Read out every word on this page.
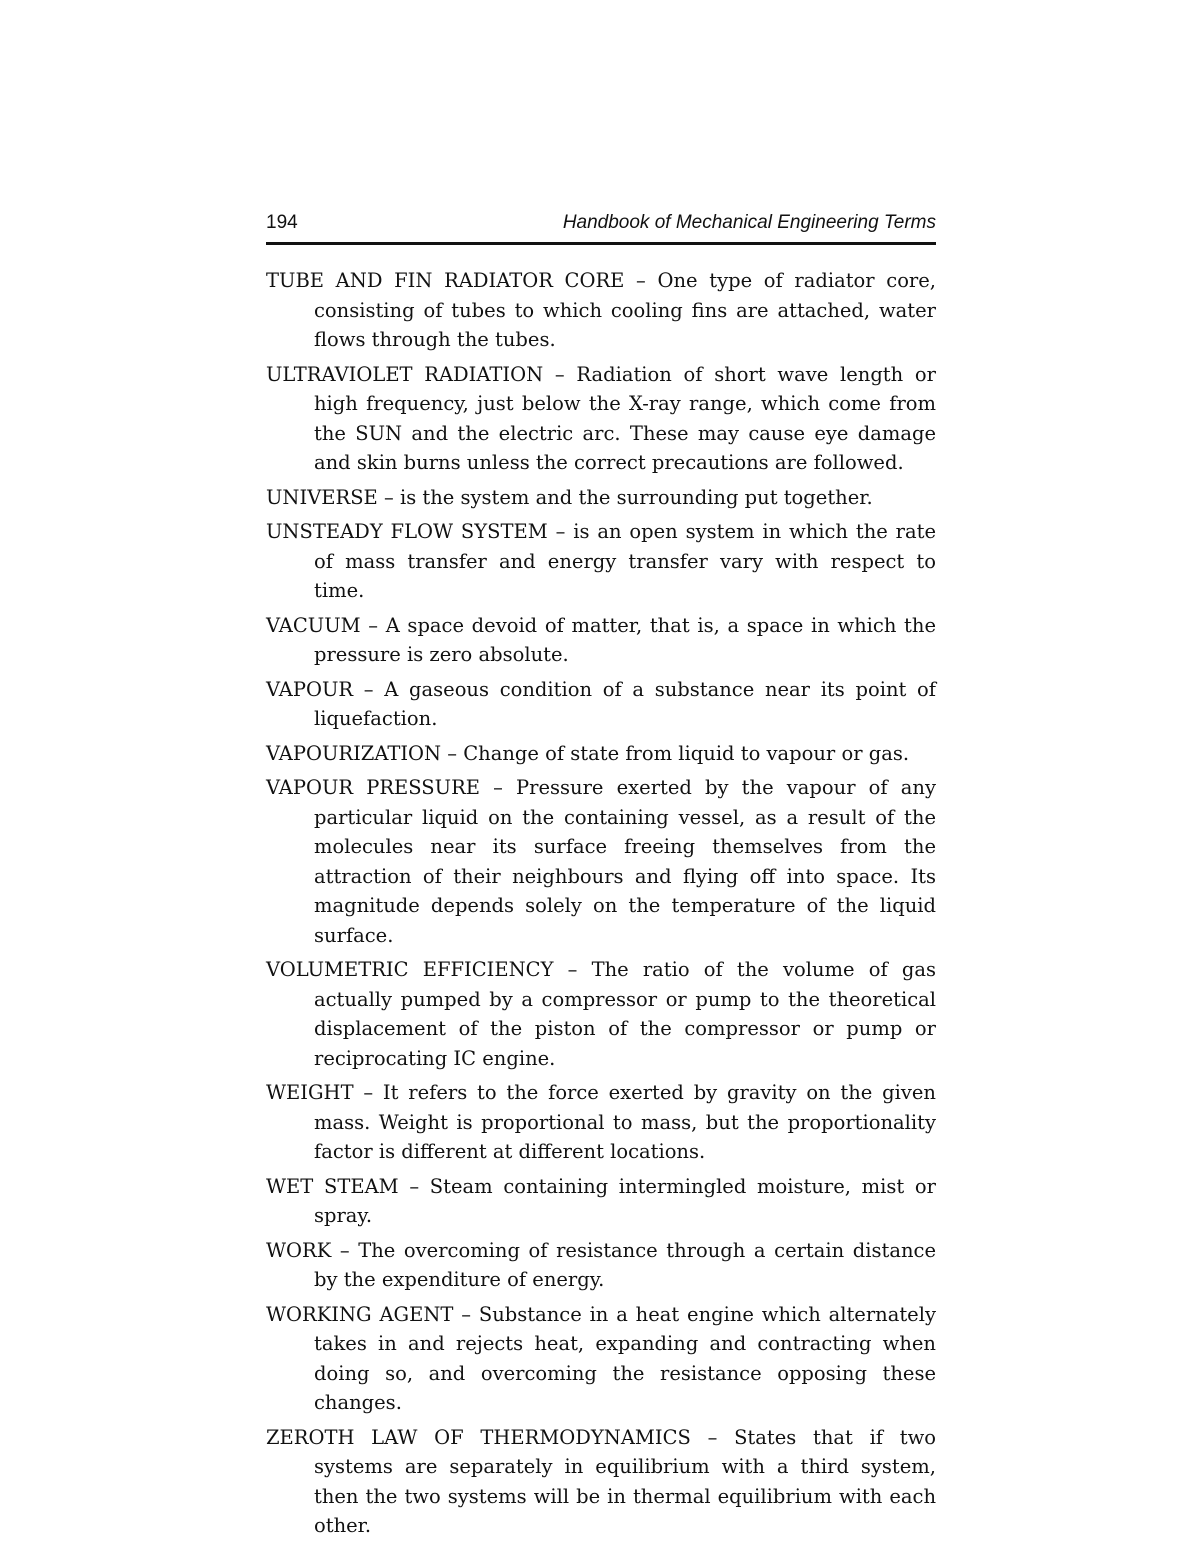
194	Handbook of Mechanical Engineering Terms
TUBE AND FIN RADIATOR CORE – One type of radiator core, consisting of tubes to which cooling fins are attached, water flows through the tubes.
ULTRAVIOLET RADIATION – Radiation of short wave length or high frequency, just below the X-ray range, which come from the SUN and the electric arc. These may cause eye damage and skin burns unless the correct precautions are followed.
UNIVERSE – is the system and the surrounding put together.
UNSTEADY FLOW SYSTEM – is an open system in which the rate of mass transfer and energy transfer vary with respect to time.
VACUUM – A space devoid of matter, that is, a space in which the pressure is zero absolute.
VAPOUR – A gaseous condition of a substance near its point of liquefaction.
VAPOURIZATION – Change of state from liquid to vapour or gas.
VAPOUR PRESSURE – Pressure exerted by the vapour of any particular liquid on the containing vessel, as a result of the molecules near its surface freeing themselves from the attraction of their neighbours and flying off into space. Its magnitude depends solely on the temperature of the liquid surface.
VOLUMETRIC EFFICIENCY – The ratio of the volume of gas actually pumped by a compressor or pump to the theoretical displacement of the piston of the compressor or pump or reciprocating IC engine.
WEIGHT – It refers to the force exerted by gravity on the given mass. Weight is proportional to mass, but the proportionality factor is different at different locations.
WET STEAM – Steam containing intermingled moisture, mist or spray.
WORK – The overcoming of resistance through a certain distance by the expenditure of energy.
WORKING AGENT – Substance in a heat engine which alternately takes in and rejects heat, expanding and contracting when doing so, and overcoming the resistance opposing these changes.
ZEROTH LAW OF THERMODYNAMICS – States that if two systems are separately in equilibrium with a third system, then the two systems will be in thermal equilibrium with each other.
